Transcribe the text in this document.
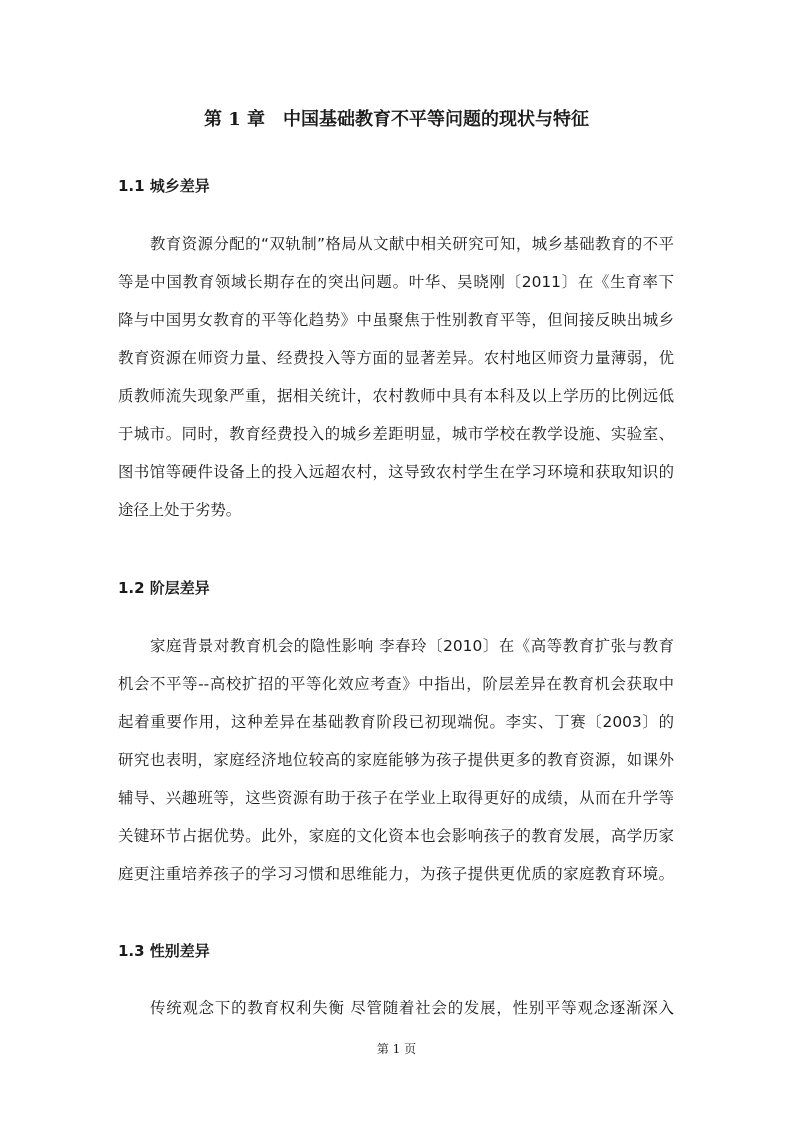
第 1 章　中国基础教育不平等问题的现状与特征
1.1 城乡差异
教育资源分配的“双轨制”格局从文献中相关研究可知，城乡基础教育的不平
等是中国教育领域长期存在的突出问题。叶华、吴晓刚〔2011〕在《生育率下
降与中国男女教育的平等化趋势》中虽聚焦于性别教育平等，但间接反映出城乡
教育资源在师资力量、经费投入等方面的显著差异。农村地区师资力量薄弱，优
质教师流失现象严重，据相关统计，农村教师中具有本科及以上学历的比例远低
于城市。同时，教育经费投入的城乡差距明显，城市学校在教学设施、实验室、
图书馆等硬件设备上的投入远超农村，这导致农村学生在学习环境和获取知识的
途径上处于劣势。
1.2 阶层差异
家庭背景对教育机会的隐性影响 李春玲〔2010〕在《高等教育扩张与教育
机会不平等--高校扩招的平等化效应考查》中指出，阶层差异在教育机会获取中
起着重要作用，这种差异在基础教育阶段已初现端倪。李实、丁赛〔2003〕的
研究也表明，家庭经济地位较高的家庭能够为孩子提供更多的教育资源，如课外
辅导、兴趣班等，这些资源有助于孩子在学业上取得更好的成绩，从而在升学等
关键环节占据优势。此外，家庭的文化资本也会影响孩子的教育发展，高学历家
庭更注重培养孩子的学习习惯和思维能力，为孩子提供更优质的家庭教育环境。
1.3 性别差异
传统观念下的教育权利失衡 尽管随着社会的发展，性别平等观念逐渐深入
第 1 页
